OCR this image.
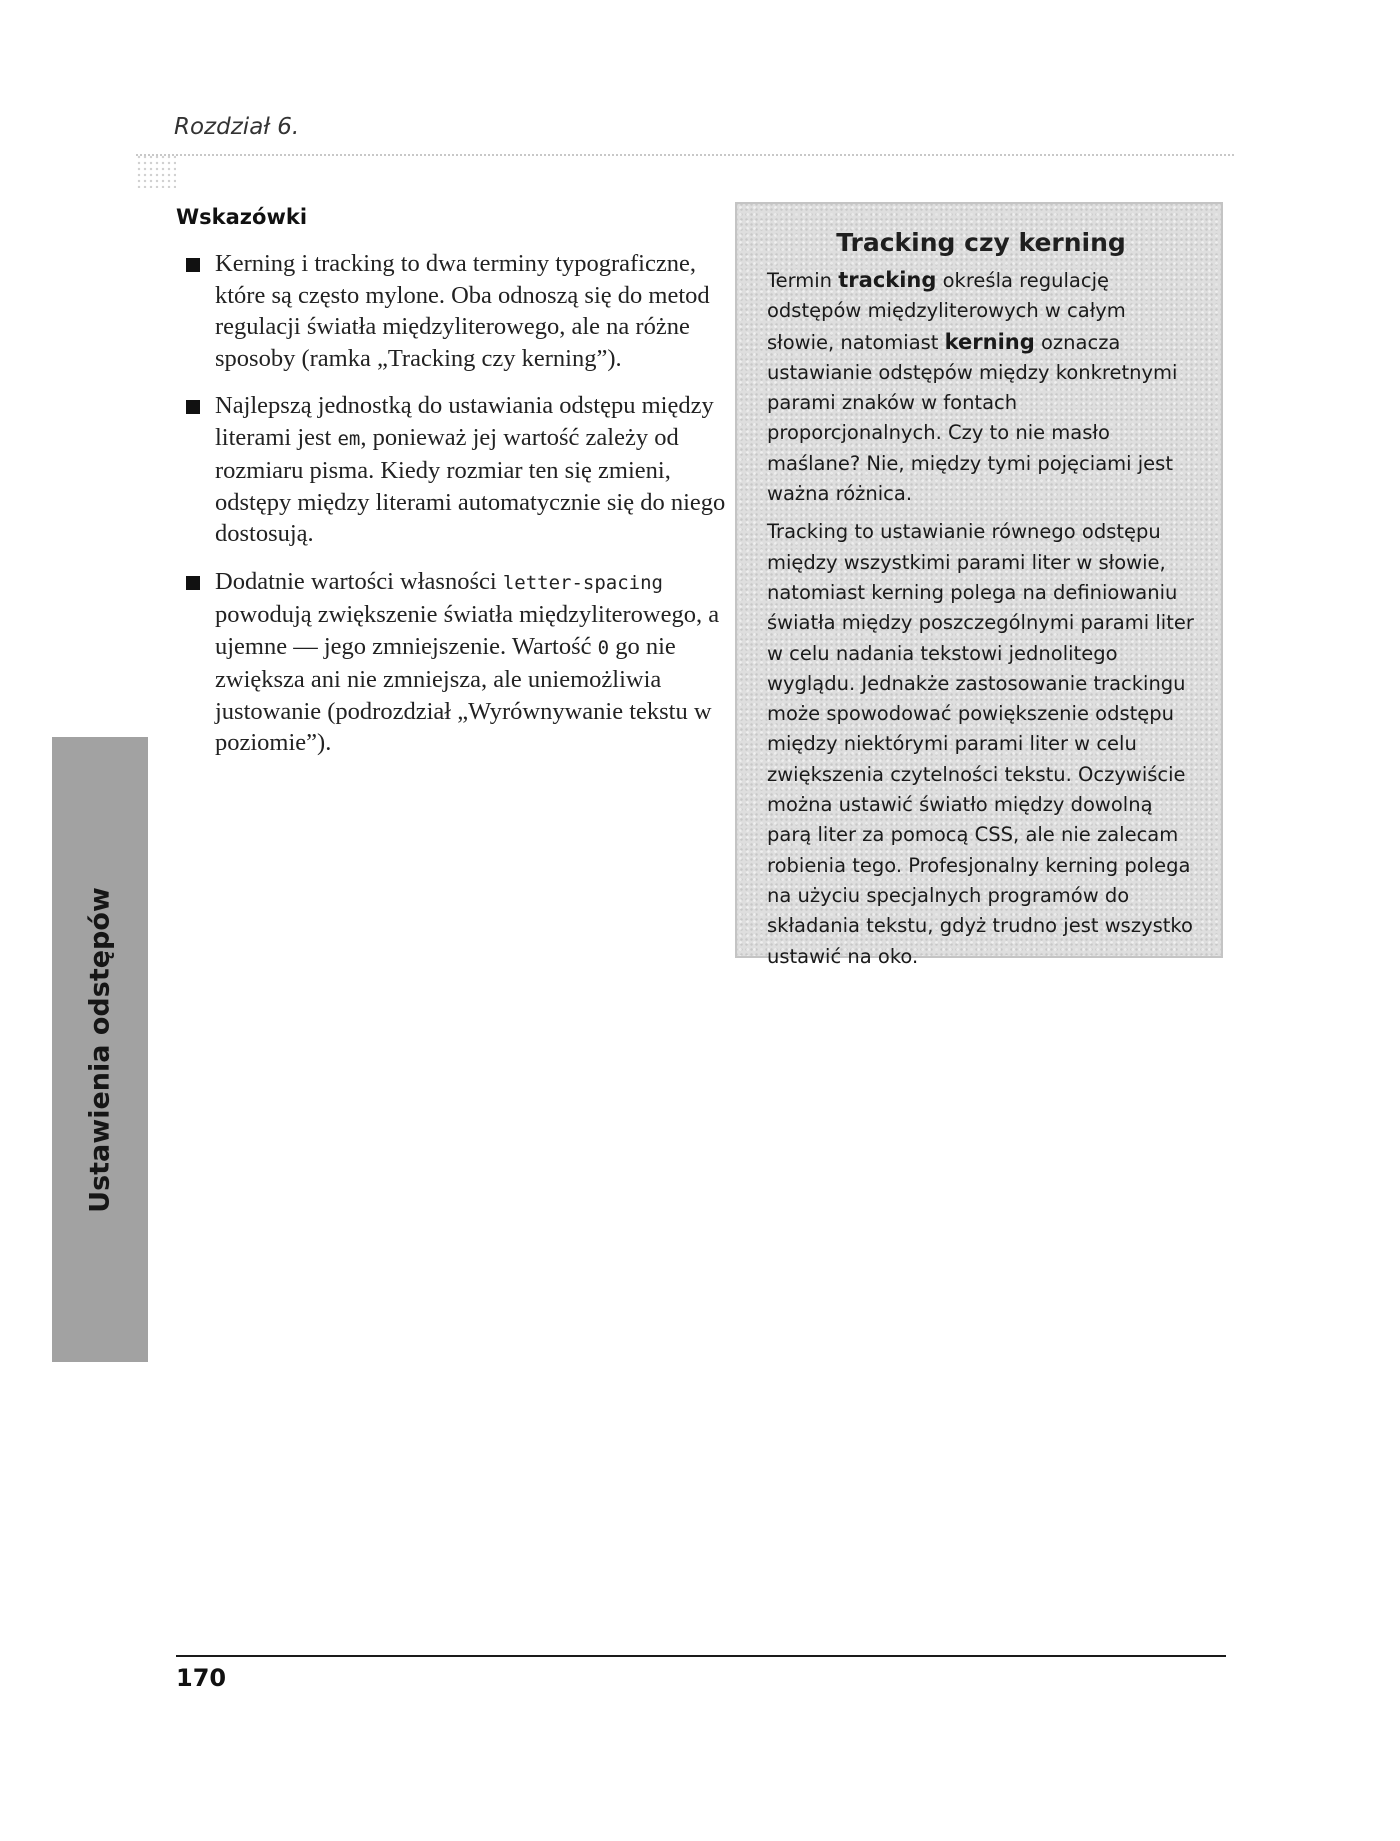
Rozdział 6.
Ustawienia odstępów
Wskazówki
Kerning i tracking to dwa terminy typograficzne, które są często mylone. Oba odnoszą się do metod regulacji światła międzyliterowego, ale na różne sposoby (ramka „Tracking czy kerning”).
Najlepszą jednostką do ustawiania odstępu między literami jest em, ponieważ jej wartość zależy od rozmiaru pisma. Kiedy rozmiar ten się zmieni, odstępy między literami automatycznie się do niego dostosują.
Dodatnie wartości własności letter-spacing powodują zwiększenie światła międzyliterowego, a ujemne — jego zmniejszenie. Wartość 0 go nie zwiększa ani nie zmniejsza, ale uniemożliwia justowanie (podrozdział „Wyrównywanie tekstu w poziomie”).
Tracking czy kerning

Termin tracking określa regulację odstępów międzyliterowych w całym słowie, natomiast kerning oznacza ustawianie odstępów między konkretnymi parami znaków w fontach proporcjonalnych. Czy to nie masło maślane? Nie, między tymi pojęciami jest ważna różnica.

Tracking to ustawianie równego odstępu między wszystkimi parami liter w słowie, natomiast kerning polega na definiowaniu światła między poszczególnymi parami liter w celu nadania tekstowi jednolitego wyglądu. Jednakże zastosowanie trackingu może spowodować powiększenie odstępu między niektórymi parami liter w celu zwiększenia czytelności tekstu. Oczywiście można ustawić światło między dowolną parą liter za pomocą CSS, ale nie zalecam robienia tego. Profesjonalny kerning polega na użyciu specjalnych programów do składania tekstu, gdyż trudno jest wszystko ustawić na oko.

170
